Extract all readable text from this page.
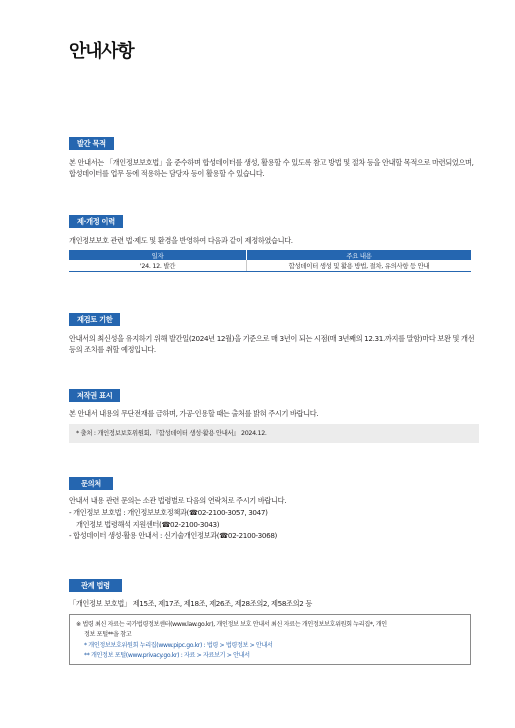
안내사항
발간 목적

본 안내서는 「개인정보보호법」을 준수하며 합성데이터를 생성, 활용할 수 있도록 참고 방법 및 절차 등을 안내할 목적으로 마련되었으며, 합성데이터를 업무 등에 적용하는 담당자 등이 활용할 수 있습니다.

제·개정 이력

개인정보보호 관련 법·제도 및 환경을 반영하여 다음과 같이 제정하였습니다.

일자	주요 내용
'24. 12. 발간	합성데이터 생성 및 활용 방법, 절차, 유의사항 등 안내
재검토 기한

안내서의 최신성을 유지하기 위해 발간일(2024년 12월)을 기준으로 매 3년이 되는 시점(매 3년째의 12.31.까지를 말함)마다 보완 및 개선 등의 조치를 취할 예정입니다.

저작권 표시

본 안내서 내용의 무단전재를 금하며, 가공·인용할 때는 출처를 밝혀 주시기 바랍니다.

* 출처 : 개인정보보호위원회, 『합성데이터 생성·활용 안내서』 2024.12.
문의처

안내서 내용 관련 문의는 소관 법령별로 다음의 연락처로 주시기 바랍니다.

- 개인정보 보호법 : 개인정보보호정책과(☎02-2100-3057, 3047)
개인정보 법령해석 지원센터(☎02-2100-3043)
- 합성데이터 생성·활용 안내서 : 신기술개인정보과(☎02-2100-3068)
관계 법령

「개인정보 보호법」 제15조, 제17조, 제18조, 제26조, 제28조의2, 제58조의2 등

※ 법령 최신 자료는 국가법령정보센터(www.law.go.kr), 개인정보 보호 안내서 최신 자료는 개인정보보호위원회 누리집*, 개인
정보 포털**을 참고
* 개인정보보호위원회 누리집(www.pipc.go.kr) : 법령 > 법령정보 > 안내서
** 개인정보 포털(www.privacy.go.kr) : 자료 > 자료보기 > 안내서
